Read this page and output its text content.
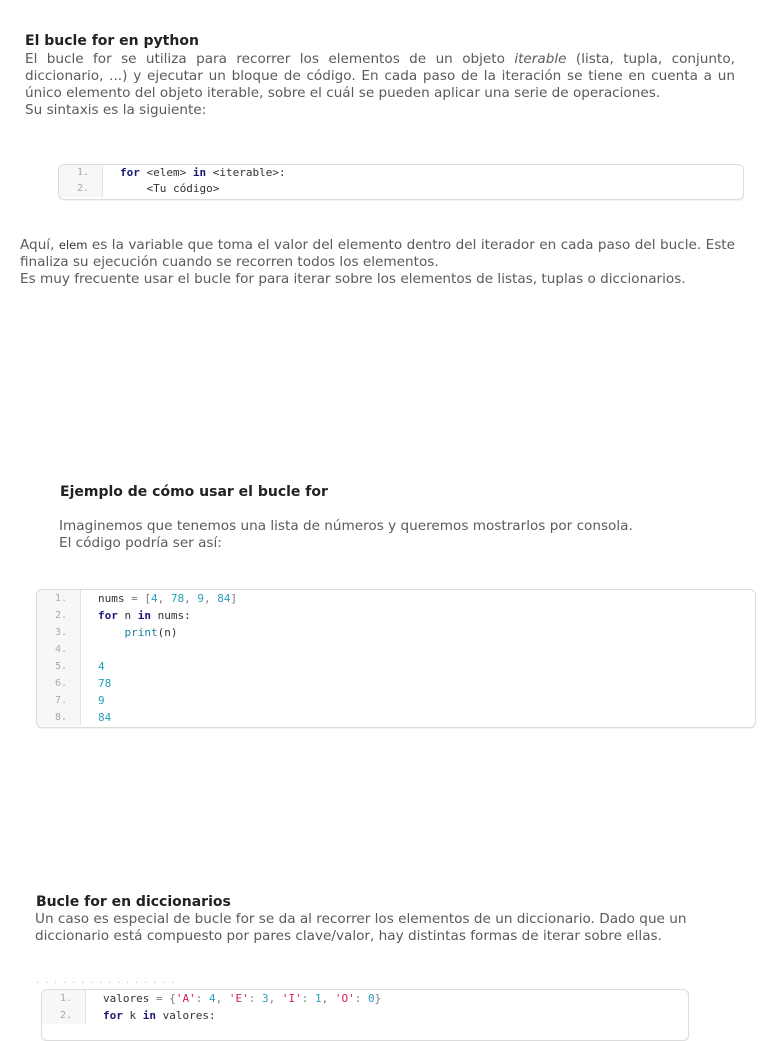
El bucle for en python
El bucle for se utiliza para recorrer los elementos de un objeto iterable (lista, tupla, conjunto, diccionario, ...) y ejecutar un bloque de código. En cada paso de la iteración se tiene en cuenta a un único elemento del objeto iterable, sobre el cuál se pueden aplicar una serie de operaciones.
Su sintaxis es la siguiente:
1.	for <elem> in <iterable>:
2.	<Tu código>

Aquí, elem es la variable que toma el valor del elemento dentro del iterador en cada paso del bucle. Este finaliza su ejecución cuando se recorren todos los elementos.

Es muy frecuente usar el bucle for para iterar sobre los elementos de listas, tuplas o diccionarios.

Ejemplo de cómo usar el bucle for

Imaginemos que tenemos una lista de números y queremos mostrarlos por consola.

El código podría ser así:

1.	nums = [4, 78, 9, 84]
2.	for n in nums:
3.	print(n)
4.
5.	4
6.	78
7.	9
8.	84
Bucle for en diccionarios
Un caso es especial de bucle for se da al recorrer los elementos de un diccionario. Dado que un diccionario está compuesto por pares clave/valor, hay distintas formas de iterar sobre ellas.
· · · · · · · · · · · · · · · ·
1.	valores = {'A': 4, 'E': 3, 'I': 1, 'O': 0}
2.	for k in valores:
